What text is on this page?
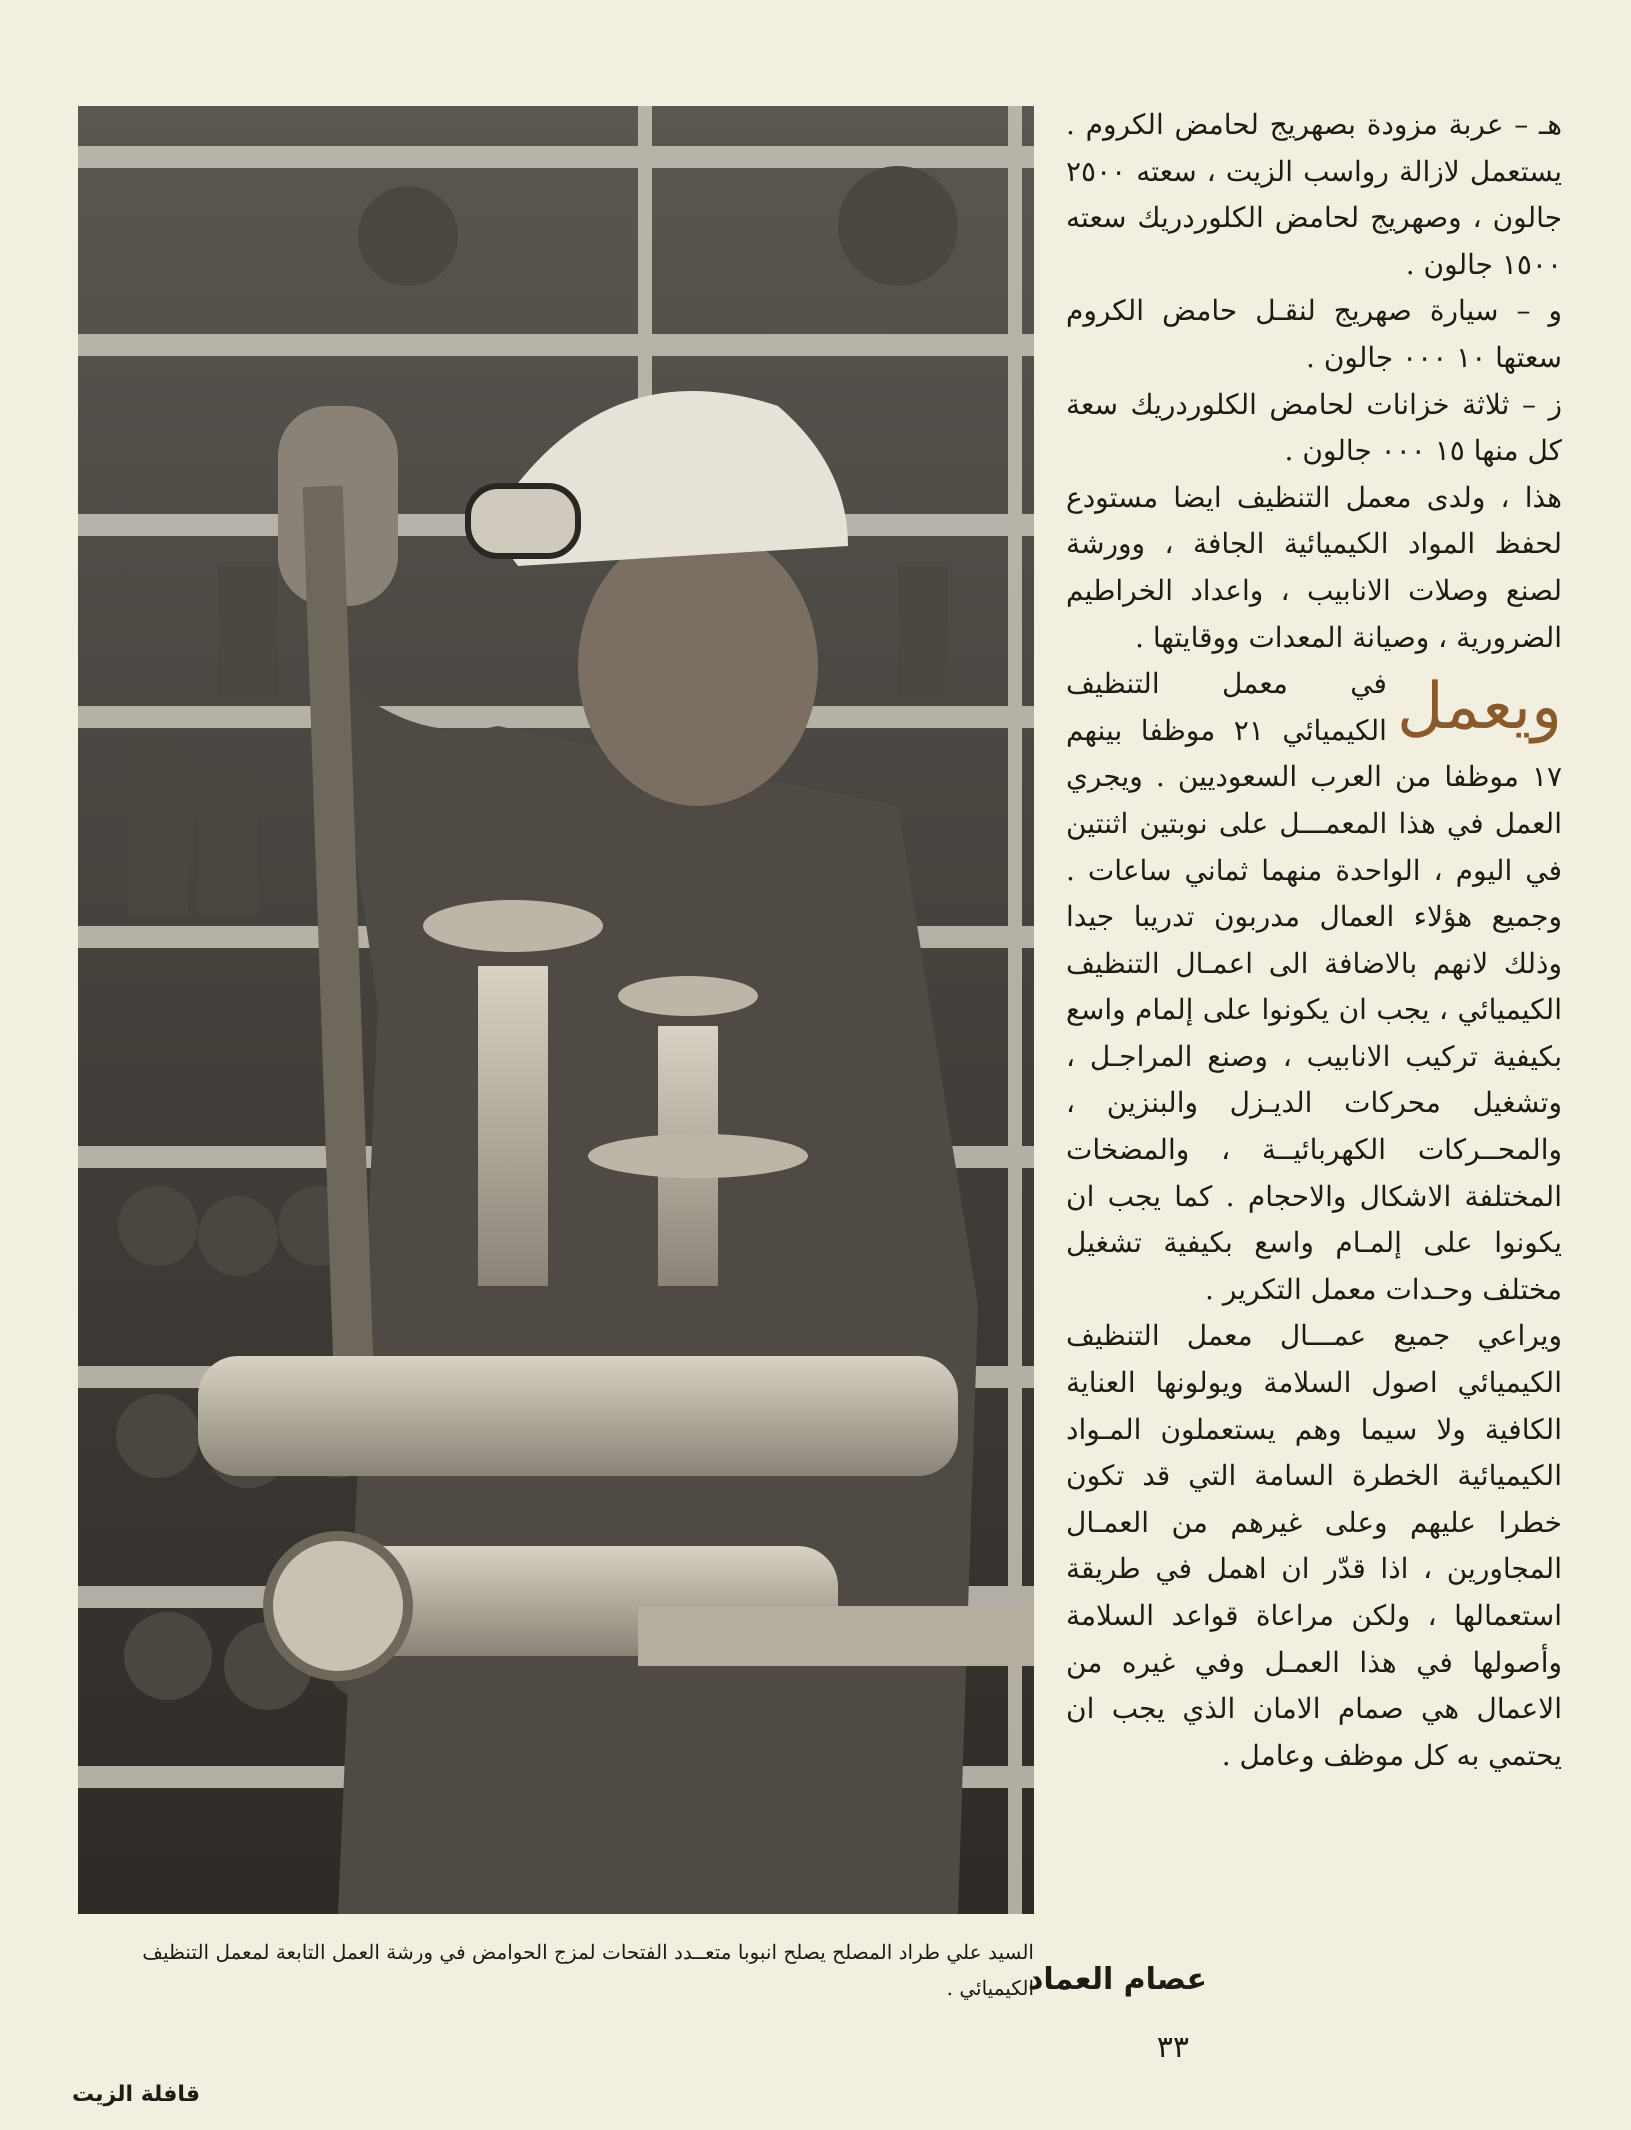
السيد علي طراد المصلح يصلح انبوبا متعــدد الفتحات لمزج الحوامض في ورشة العمل التابعة لمعمل التنظيف الكيميائي .

هـ – عربة مزودة بصهريج لحامض الكروم . يستعمل لازالة رواسب الزيت ، سعته ٢٥٠٠ جالون ، وصهريج لحامض الكلوردريك سعته ١٥٠٠ جالون .

و – سيارة صهريج لنقـل حامض الكروم سعتها ١٠ ٠٠٠ جالون .

ز – ثلاثة خزانات لحامض الكلوردريك سعة كل منها ١٥ ٠٠٠ جالون .

هذا ، ولدى معمل التنظيف ايضا مستودع لحفظ المواد الكيميائية الجافة ، وورشة لصنع وصلات الانابيب ، واعداد الخراطيم الضرورية ، وصيانة المعدات ووقايتها .

ويعمل
في معمل التنظيف الكيميائي ٢١ موظفا بينهم ١٧ موظفا من العرب السعوديين . ويجري العمل في هذا المعمـــل على نوبتين اثنتين في اليوم ، الواحدة منهما ثماني ساعات . وجميع هؤلاء العمال مدربون تدريبا جيدا وذلك لانهم بالاضافة الى اعمـال التنظيف الكيميائي ، يجب ان يكونوا على إلمام واسع بكيفية تركيب الانابيب ، وصنع المراجـل ، وتشغيل محركات الديـزل والبنزين ، والمحــركات الكهربائيــة ، والمضخات المختلفة الاشكال والاحجام . كما يجب ان يكونوا على إلمـام واسع بكيفية تشغيل مختلف وحـدات معمل التكرير .

ويراعي جميع عمـــال معمل التنظيف الكيميائي اصول السلامة ويولونها العناية الكافية ولا سيما وهم يستعملون المـواد الكيميائية الخطرة السامة التي قد تكون خطرا عليهم وعلى غيرهم من العمـال المجاورين ، اذا قدّر ان اهمل في طريقة استعمالها ، ولكن مراعاة قواعد السلامة وأصولها في هذا العمـل وفي غيره من الاعمال هي صمام الامان الذي يجب ان يحتمي به كل موظف وعامل .

عصام العماد

٣٣

قافلة الزيت
